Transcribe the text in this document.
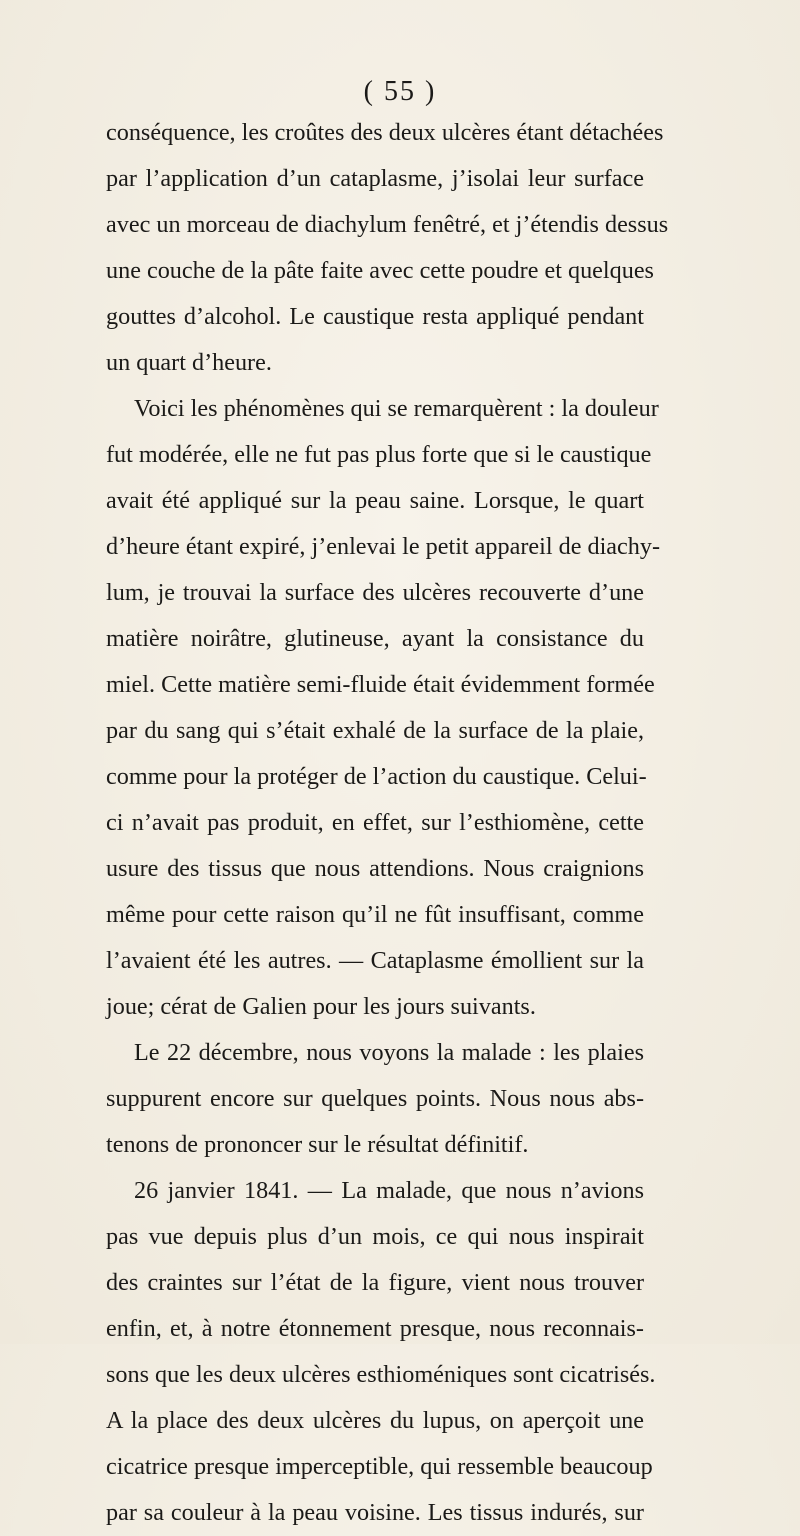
( 55 )
conséquence, les croûtes des deux ulcères étant détachées
par l’application d’un cataplasme, j’isolai leur surface
avec un morceau de diachylum fenêtré, et j’étendis dessus
une couche de la pâte faite avec cette poudre et quelques
gouttes d’alcohol. Le caustique resta appliqué pendant
un quart d’heure.
Voici les phénomènes qui se remarquèrent : la douleur
fut modérée, elle ne fut pas plus forte que si le caustique
avait été appliqué sur la peau saine. Lorsque, le quart
d’heure étant expiré, j’enlevai le petit appareil de diachy-
lum, je trouvai la surface des ulcères recouverte d’une
matière noirâtre, glutineuse, ayant la consistance du
miel. Cette matière semi-fluide était évidemment formée
par du sang qui s’était exhalé de la surface de la plaie,
comme pour la protéger de l’action du caustique. Celui-
ci n’avait pas produit, en effet, sur l’esthiomène, cette
usure des tissus que nous attendions. Nous craignions
même pour cette raison qu’il ne fût insuffisant, comme
l’avaient été les autres. — Cataplasme émollient sur la
joue; cérat de Galien pour les jours suivants.
Le 22 décembre, nous voyons la malade : les plaies
suppurent encore sur quelques points. Nous nous abs-
tenons de prononcer sur le résultat définitif.
26 janvier 1841. — La malade, que nous n’avions
pas vue depuis plus d’un mois, ce qui nous inspirait
des craintes sur l’état de la figure, vient nous trouver
enfin, et, à notre étonnement presque, nous reconnais-
sons que les deux ulcères esthioméniques sont cicatrisés.
A la place des deux ulcères du lupus, on aperçoit une
cicatrice presque imperceptible, qui ressemble beaucoup
par sa couleur à la peau voisine. Les tissus indurés, sur
